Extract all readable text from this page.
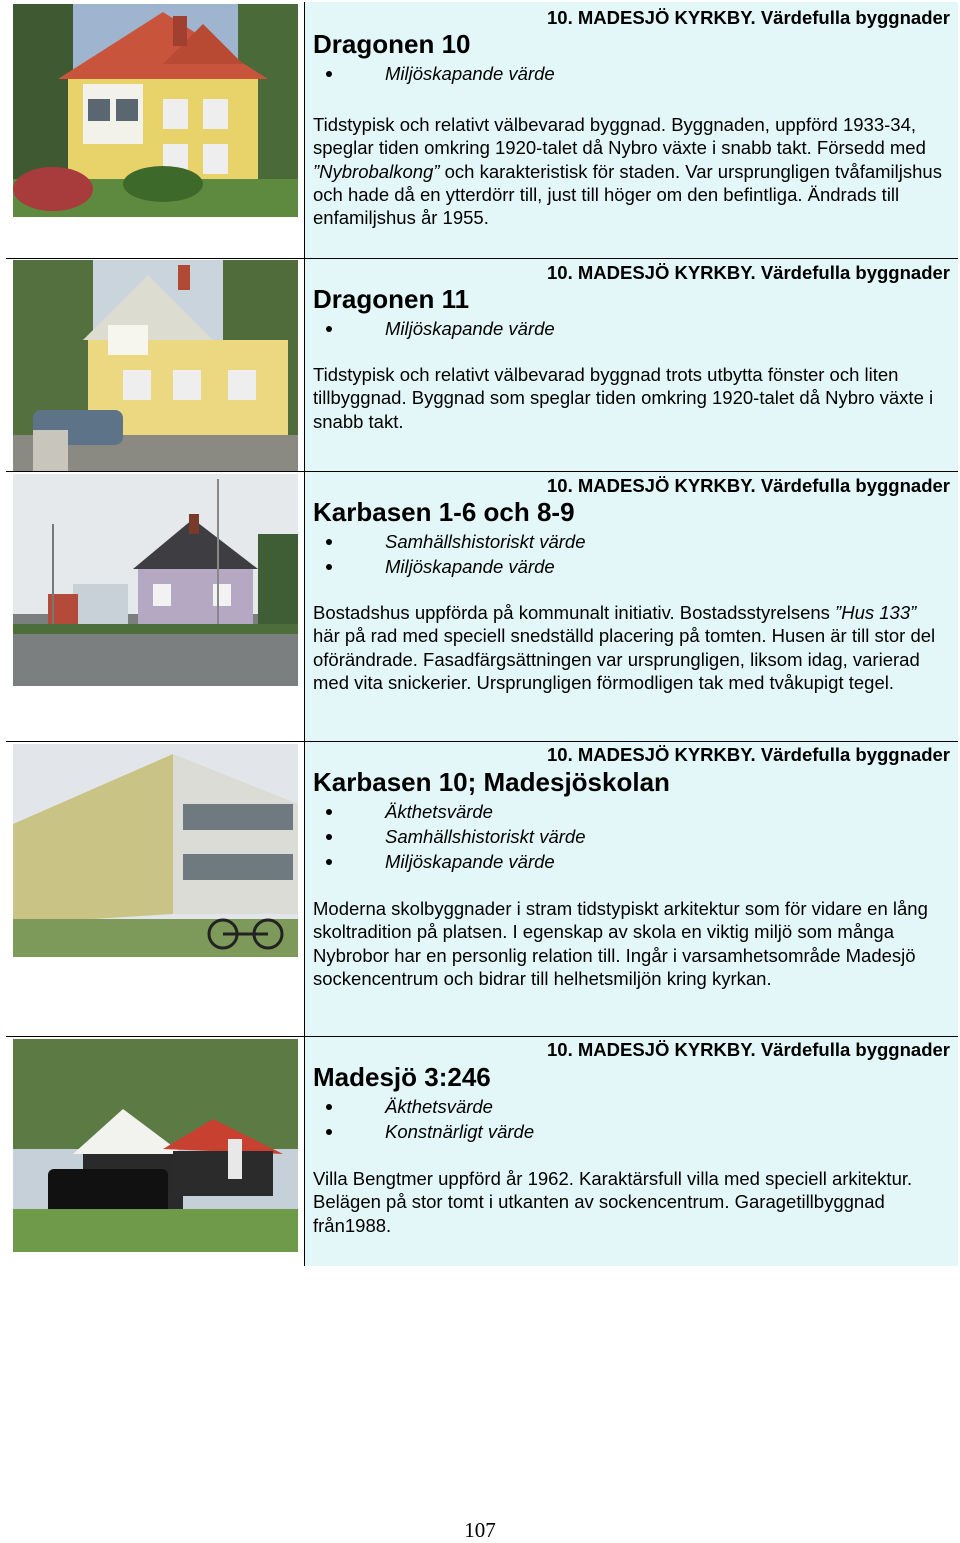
10. MADESJÖ KYRKBY. Värdefulla byggnader
Dragonen 10
Miljöskapande värde

Tidstypisk och relativt välbevarad byggnad. Byggnaden, uppförd 1933-34, speglar tiden omkring 1920-talet då Nybro växte i snabb takt. Försedd med ”Nybrobalkong” och karakteristisk för staden. Var ursprungligen tvåfamiljshus och hade då en ytterdörr till, just till höger om den befintliga. Ändrads till enfamiljshus år 1955.

10. MADESJÖ KYRKBY. Värdefulla byggnader
Dragonen 11
Miljöskapande värde

Tidstypisk och relativt välbevarad byggnad trots utbytta fönster och liten tillbyggnad. Byggnad som speglar tiden omkring 1920-talet då Nybro växte i snabb takt.

10. MADESJÖ KYRKBY. Värdefulla byggnader
Karbasen 1-6 och 8-9
Samhällshistoriskt värde
Miljöskapande värde

Bostadshus uppförda på kommunalt initiativ. Bostadsstyrelsens ”Hus 133” här på rad med speciell snedställd placering på tomten. Husen är till stor del oförändrade. Fasadfärgsättningen var ursprungligen, liksom idag, varierad med vita snickerier. Ursprungligen förmodligen tak med tvåkupigt tegel.

10. MADESJÖ KYRKBY. Värdefulla byggnader
Karbasen 10; Madesjöskolan
Äkthetsvärde
Samhällshistoriskt värde
Miljöskapande värde

Moderna skolbyggnader i stram tidstypiskt arkitektur som för vidare en lång skoltradition på platsen. I egenskap av skola en viktig miljö som många Nybrobor har en personlig relation till. Ingår i varsamhetsområde Madesjö sockencentrum och bidrar till helhetsmiljön kring kyrkan.

10. MADESJÖ KYRKBY. Värdefulla byggnader
Madesjö 3:246
Äkthetsvärde
Konstnärligt värde

Villa Bengtmer uppförd år 1962. Karaktärsfull villa med speciell arkitektur. Belägen på stor tomt i utkanten av sockencentrum. Garagetillbyggnad från1988.

107
